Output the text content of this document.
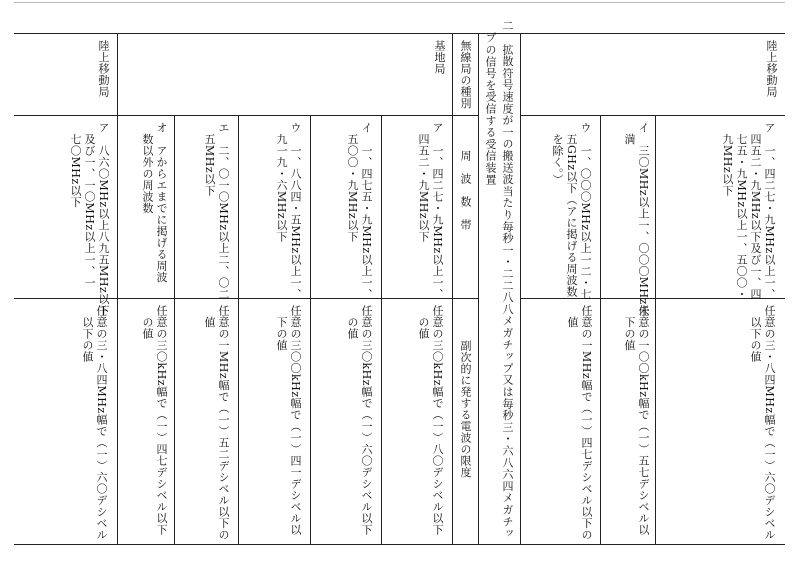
二　拡散符号速度が一の搬送波当たり毎秒一・二二八八メガチップ又は毎秒三・六八六四メガチッ
プの信号を受信する受信装置	陸上移動局
ア　一、四二七・九MHz以上一、
　四五二・九MHz以下及び一、四
　七五・九MHz以上一、五〇〇・
　九MHz以下
任意の三・八四MHz幅で（一）六〇デシベル
　以下の値
イ　三〇MHz以上一、〇〇〇MHz未
　満
任意の一〇〇kHz幅で（一）五七デシベル以
　下の値
ウ　一、〇〇〇MHz以上一二・七
　五GHz以下（アに掲げる周波数
　を除く。）
任意の一MHz幅で（一）四七デシベル以下の
　値
無線局の種別
周　波　数　帯
副次的に発する電波の限度
基地局
陸上移動局
ア　一、四二七・九MHz以上一、
　四五二・九MHz以下
任意の三〇kHz幅で（一）八〇デシベル以下
　の値
イ　一、四七五・九MHz以上一、
　五〇〇・九MHz以下
任意の三〇kHz幅で（一）六〇デシベル以下
　の値
ウ　一、八八四・五MHz以上一、
　九一九・六MHz以下
任意の三〇〇kHz幅で（一）四一デシベル以
　下の値
エ　二、〇一〇MHz以上二、〇二
　五MHz以下
任意の一MHz幅で（一）五二デシベル以下の
　値
オ　アからエまでに掲げる周波
　数以外の周波数
任意の三〇kHz幅で（一）四七デシベル以下
　の値
ア　八六〇MHz以上八九五MHz以下
　及び一、一〇MHz以上一、一
　七〇MHz以下
任意の三・八四MHz幅で（一）六〇デシベル
　以下の値
